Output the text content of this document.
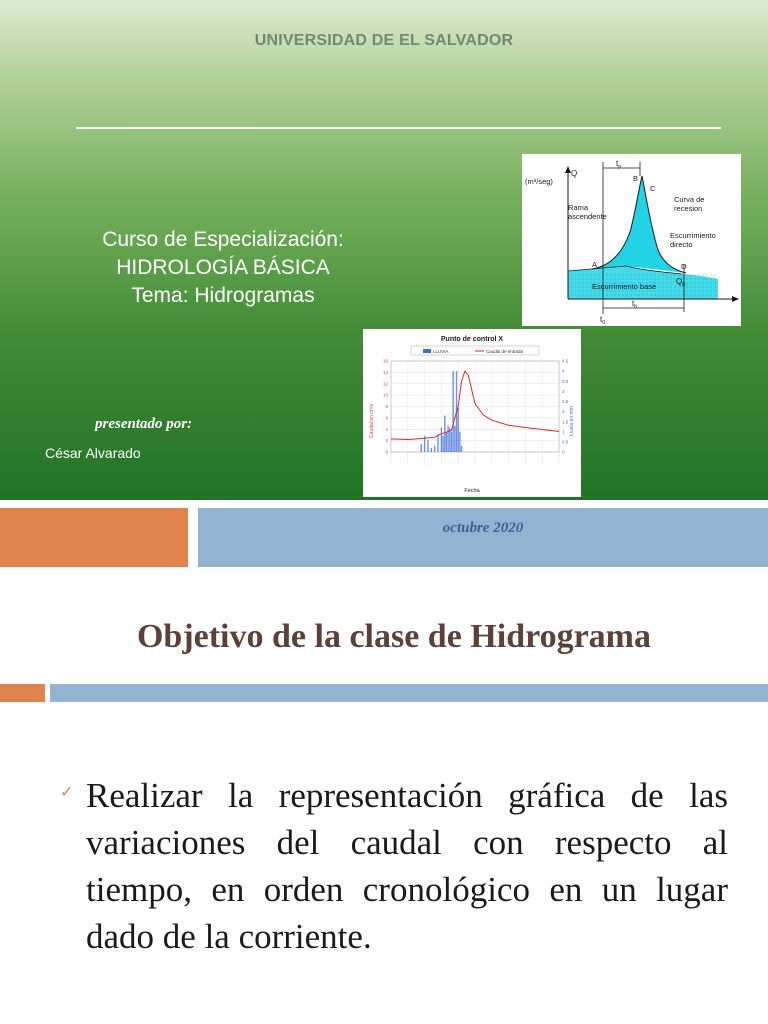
UNIVERSIDAD DE EL SALVADOR
Curso de Especialización:
HIDROLOGÍA BÁSICA
Tema: Hidrogramas
presentado por:
César Alvarado
$t_p$
$t_b$
$t_0$
(m³/seg)
Q
A
B
C
D
Rama ascendente
Curva de recesion
Escurrimiento directo
Escurrimiento base
$Q_b$
Punto de control X
LLUVIA	Caudal de entrada
Caudal en m³/s	Lluvia en mm
Fecha
0
2
4
6
8
10
12
14
16
0
0.5
1
1.5
2
2.5
3
3.5
4
4.5
octubre 2020
Objetivo de la clase de Hidrograma
✓ Realizar la representación gráfica de las variaciones del caudal con respecto al tiempo, en orden cronológico en un lugar dado de la corriente.
